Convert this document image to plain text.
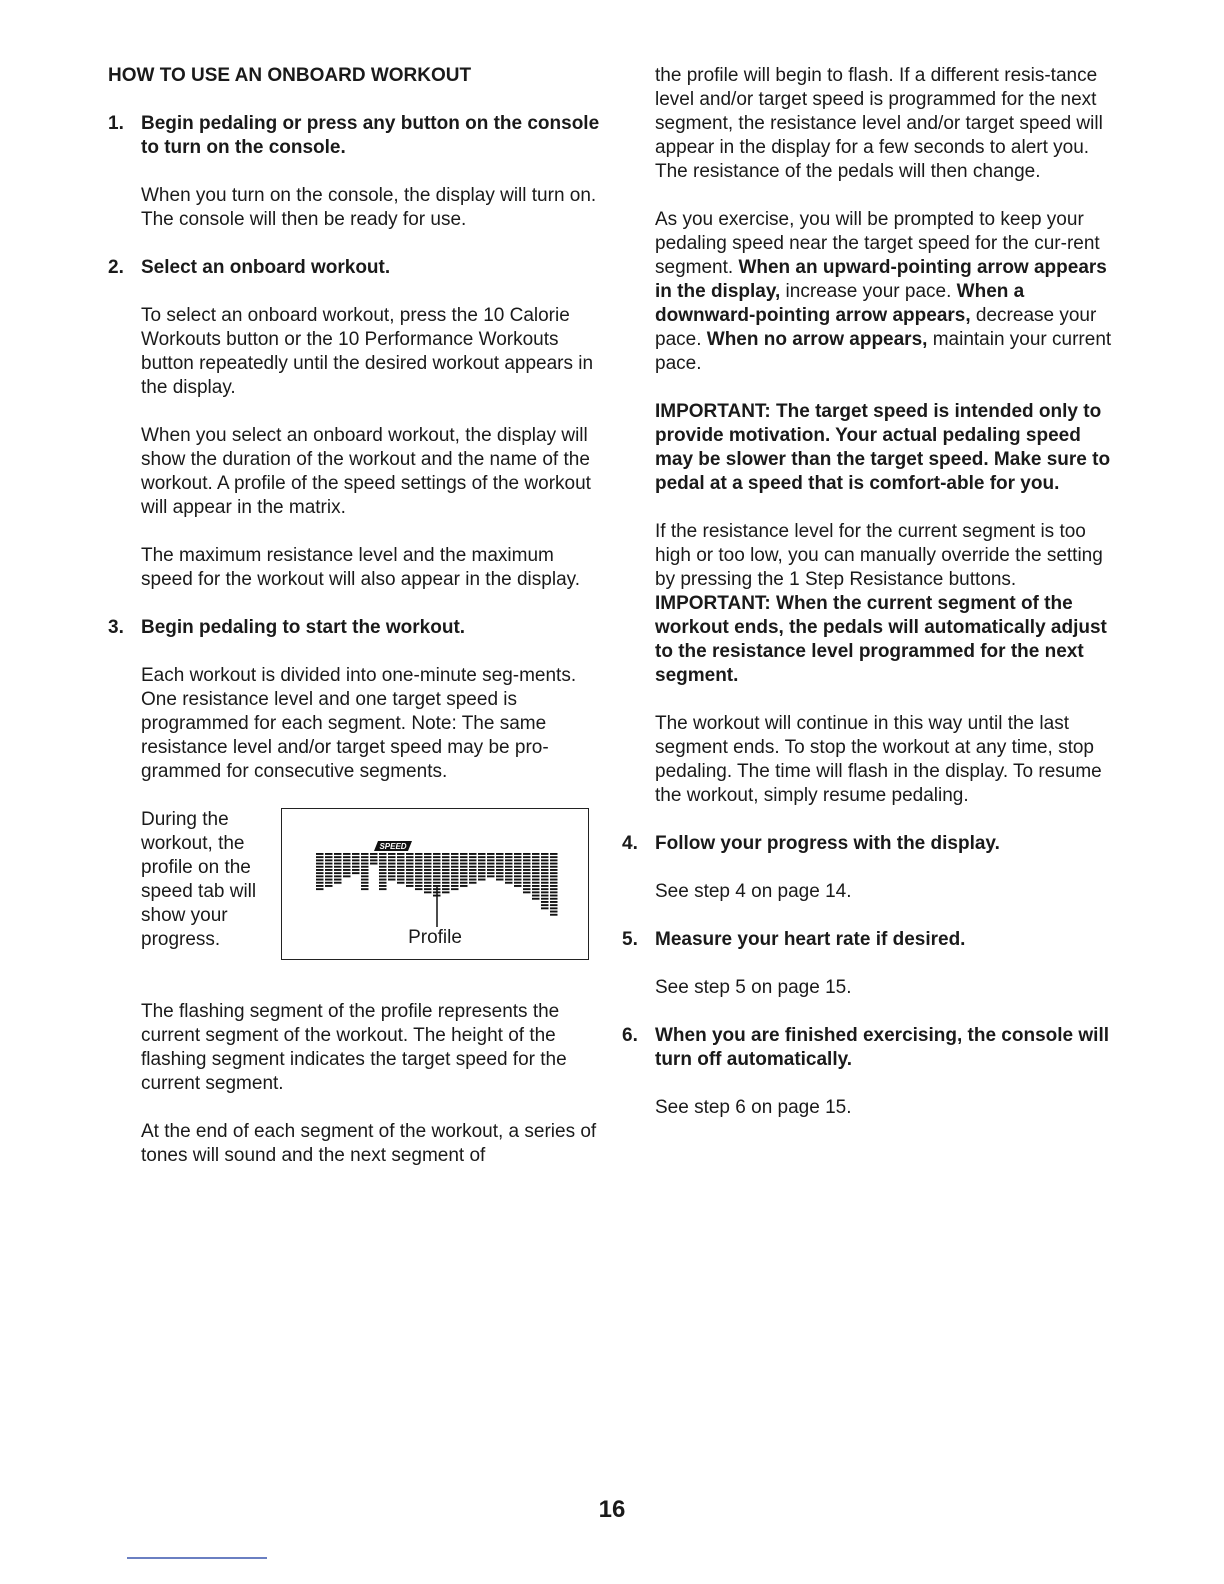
HOW TO USE AN ONBOARD WORKOUT
1. Begin pedaling or press any button on the console to turn on the console.

When you turn on the console, the display will turn on. The console will then be ready for use.

2. Select an onboard workout.

To select an onboard workout, press the 10 Calorie Workouts button or the 10 Performance Workouts button repeatedly until the desired workout appears in the display.

When you select an onboard workout, the display will show the duration of the workout and the name of the workout. A profile of the speed settings of the workout will appear in the matrix.

The maximum resistance level and the maximum speed for the workout will also appear in the display.

3. Begin pedaling to start the workout.

Each workout is divided into one-minute seg-ments. One resistance level and one target speed is programmed for each segment. Note: The same resistance level and/or target speed may be pro-grammed for consecutive segments.

During the workout, the profile on the speed tab will show your progress.
SPEED
Profile

The flashing segment of the profile represents the current segment of the workout. The height of the flashing segment indicates the target speed for the current segment.

At the end of each segment of the workout, a series of tones will sound and the next segment of

the profile will begin to flash. If a different resis-tance level and/or target speed is programmed for the next segment, the resistance level and/or target speed will appear in the display for a few seconds to alert you. The resistance of the pedals will then change.

As you exercise, you will be prompted to keep your pedaling speed near the target speed for the cur-rent segment. When an upward-pointing arrow appears in the display, increase your pace. When a downward-pointing arrow appears, decrease your pace. When no arrow appears, maintain your current pace.

IMPORTANT: The target speed is intended only to provide motivation. Your actual pedaling speed may be slower than the target speed. Make sure to pedal at a speed that is comfort-able for you.

If the resistance level for the current segment is too high or too low, you can manually override the setting by pressing the 1 Step Resistance buttons. IMPORTANT: When the current segment of the workout ends, the pedals will automatically adjust to the resistance level programmed for the next segment.

The workout will continue in this way until the last segment ends. To stop the workout at any time, stop pedaling. The time will flash in the display. To resume the workout, simply resume pedaling.

4. Follow your progress with the display.

See step 4 on page 14.

5. Measure your heart rate if desired.

See step 5 on page 15.

6. When you are finished exercising, the console will turn off automatically.

See step 6 on page 15.

16
